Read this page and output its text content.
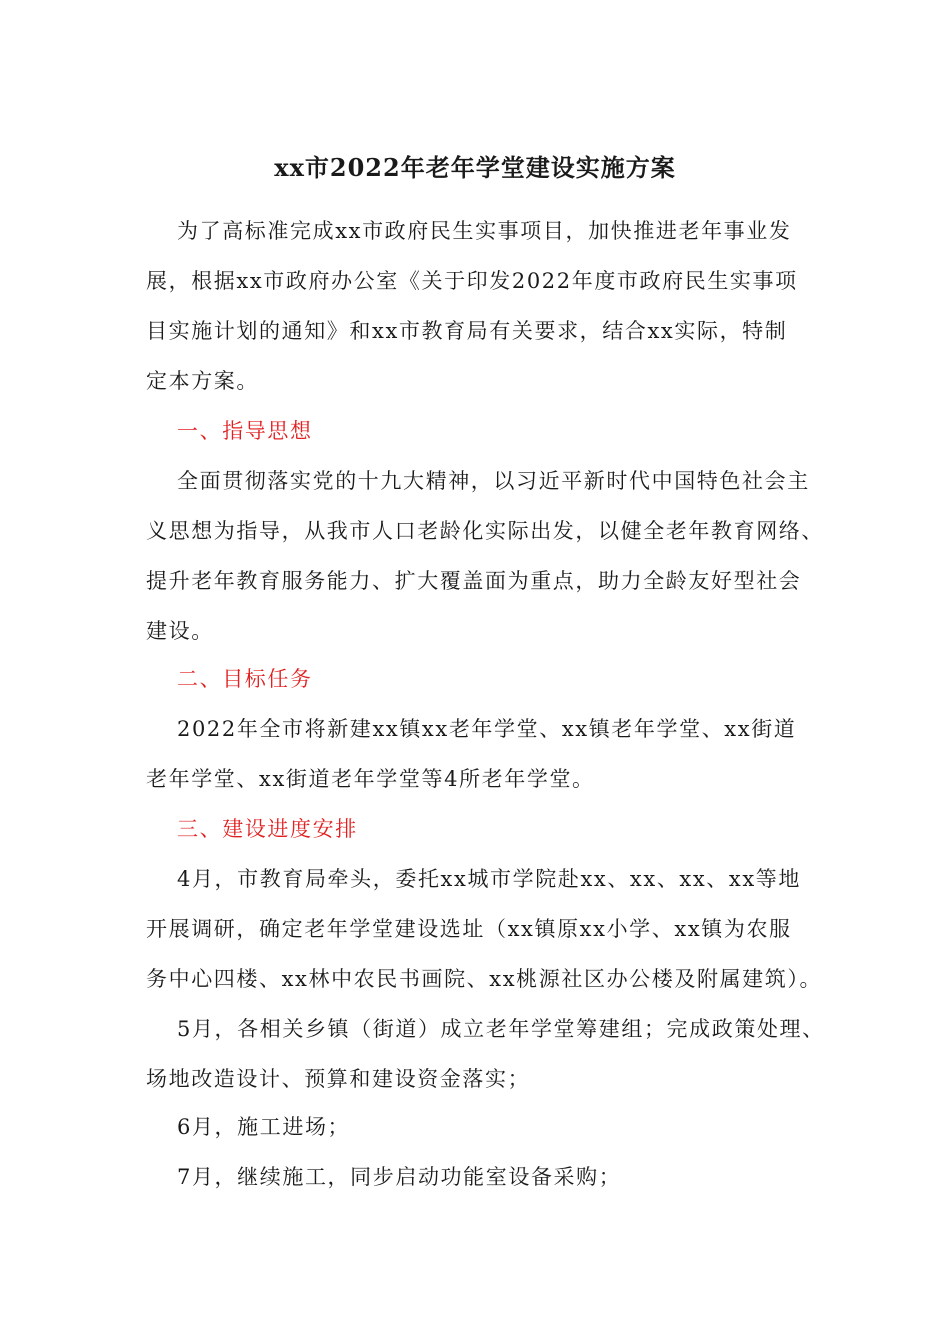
xx市2022年老年学堂建设实施方案
为了高标准完成xx市政府民生实事项目，加快推进老年事业发
展，根据xx市政府办公室《关于印发2022年度市政府民生实事项
目实施计划的通知》和xx市教育局有关要求，结合xx实际，特制
定本方案。
一、指导思想
全面贯彻落实党的十九大精神，以习近平新时代中国特色社会主
义思想为指导，从我市人口老龄化实际出发，以健全老年教育网络、
提升老年教育服务能力、扩大覆盖面为重点，助力全龄友好型社会
建设。
二、目标任务
2022年全市将新建xx镇xx老年学堂、xx镇老年学堂、xx街道
老年学堂、xx街道老年学堂等4所老年学堂。
三、建设进度安排
4月，市教育局牵头，委托xx城市学院赴xx、xx、xx、xx等地
开展调研，确定老年学堂建设选址（xx镇原xx小学、xx镇为农服
务中心四楼、xx林中农民书画院、xx桃源社区办公楼及附属建筑）。
5月，各相关乡镇（街道）成立老年学堂筹建组；完成政策处理、
场地改造设计、预算和建设资金落实；
6月，施工进场；
7月，继续施工，同步启动功能室设备采购；
